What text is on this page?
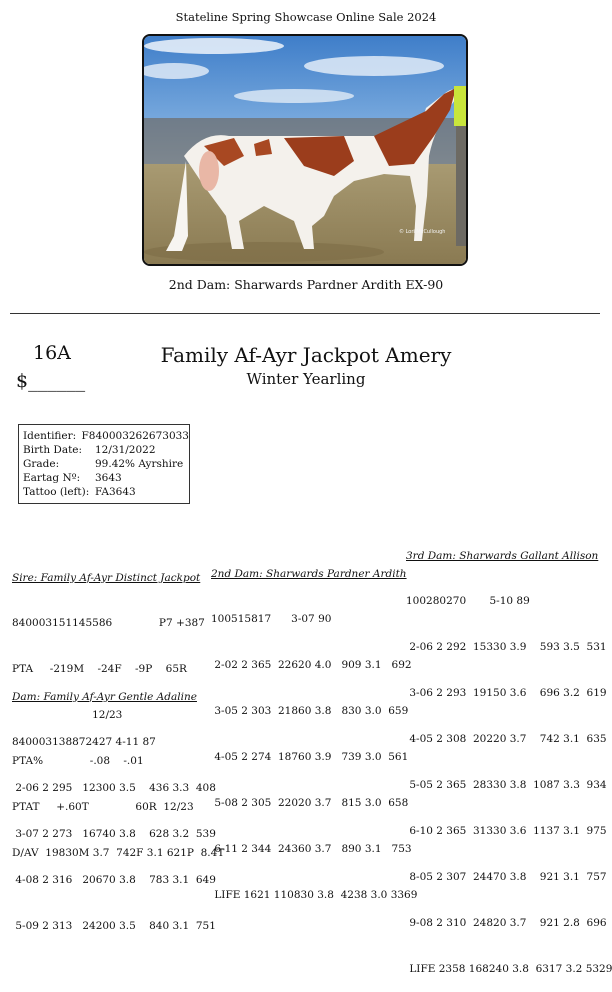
Stateline Spring Showcase Online Sale 2024
© Lori McCullough
2nd Dam: Sharwards Pardner Ardith EX-90
16A
$______
Family Af-Ayr Jackpot Amery
Winter Yearling
Identifier: F840003262673033
Birth Date:	12/31/2022
Grade:	99.42% Ayrshire
Eartag Nº:	3643
Tattoo (left): FA3643

Sire: Family Af-Ayr Distinct Jackpot

840003151145586              P7 +387

PTA     -219M    -24F    -9P    65R

12/23

PTA%              -.08    -.01

PTAT     +.60T              60R  12/23

D/AV  19830M 3.7  742F 3.1 621P  8.4T

Dam: Family Af-Ayr Gentle Adaline

840003138872427 4-11 87

2-06 2 295   12300 3.5    436 3.3  408

3-07 2 273   16740 3.8    628 3.2  539

4-08 2 316   20670 3.8    783 3.1  649

5-09 2 313   24200 3.5    840 3.1  751

2nd Dam: Sharwards Pardner Ardith

100515817      3-07 90

2-02 2 365  22620 4.0   909 3.1   692

3-05 2 303  21860 3.8   830 3.0  659

4-05 2 274  18760 3.9   739 3.0  561

5-08 2 305  22020 3.7   815 3.0  658

6-11 2 344  24360 3.7   890 3.1   753

LIFE 1621 110830 3.8  4238 3.0 3369

3rd Dam: Sharwards Gallant Allison

100280270       5-10 89

2-06 2 292  15330 3.9    593 3.5  531

3-06 2 293  19150 3.6    696 3.2  619

4-05 2 308  20220 3.7    742 3.1  635

5-05 2 365  28330 3.8  1087 3.3  934

6-10 2 365  31330 3.6  1137 3.1  975

8-05 2 307  24470 3.8    921 3.1  757

9-08 2 310  24820 3.7    921 2.8  696

LIFE 2358 168240 3.8  6317 3.2 5329
